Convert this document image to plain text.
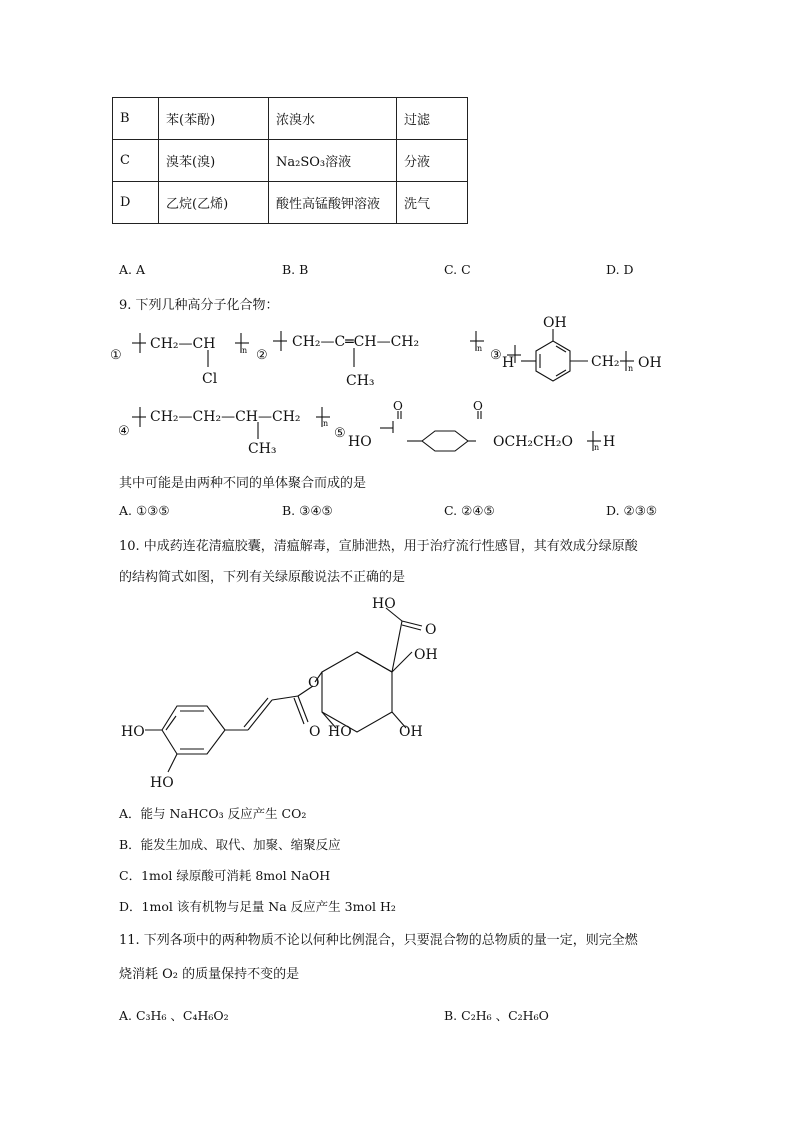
B	苯(苯酚)	浓溴水	过滤
C	溴苯(溴)	Na₂SO₃溶液	分液
D	乙烷(乙烯)	酸性高锰酸钾溶液	洗气
A. A	B. B	C. C	D. D
9. 下列几种高分子化合物：
①
CH₂—CH
Cl
n ②
CH₂—C═CH—CH₂
CH₃
n ③ H
OH
CH₂ n OH
④
CH₂—CH₂—CH—CH₂
CH₃
n
⑤
HO
O	O
OCH₂CH₂O	n H
其中可能是由两种不同的单体聚合而成的是
A. ①③⑤	B. ③④⑤	C. ②④⑤	D. ②③⑤
10. 中成药连花清瘟胶囊，清瘟解毒，宣肺泄热，用于治疗流行性感冒，其有效成分绿原酸
的结构简式如图，下列有关绿原酸说法不正确的是
HO
O
OH
O
O HO	OH
HO
HO
A．能与 NaHCO₃ 反应产生 CO₂
B．能发生加成、取代、加聚、缩聚反应
C．1mol 绿原酸可消耗 8mol NaOH
D．1mol 该有机物与足量 Na 反应产生 3mol H₂
11. 下列各项中的两种物质不论以何种比例混合，只要混合物的总物质的量一定，则完全燃
烧消耗 O₂ 的质量保持不变的是
A. C₃H₆ 、C₄H₆O₂	B. C₂H₆ 、C₂H₆O
